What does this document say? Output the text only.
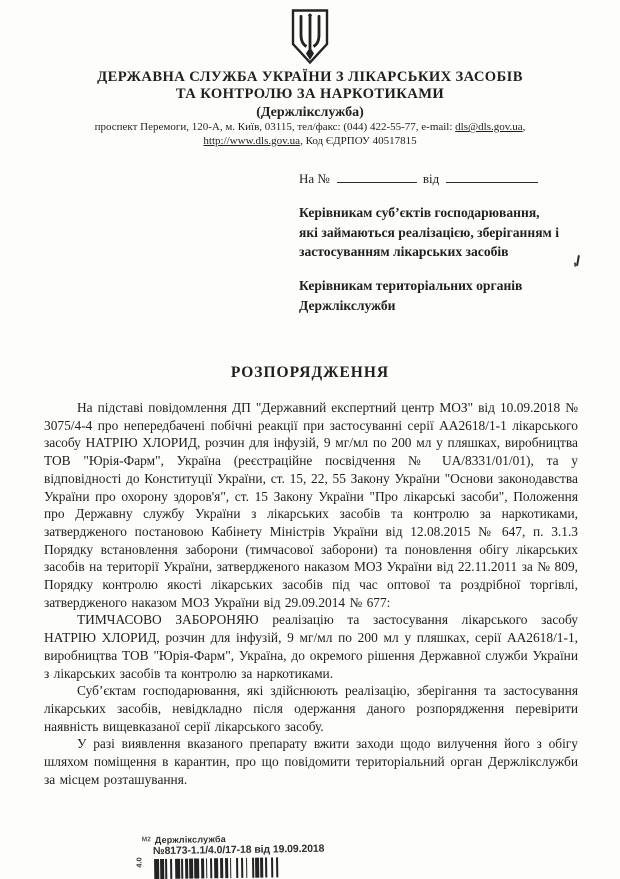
ДЕРЖАВНА СЛУЖБА УКРАЇНИ З ЛІКАРСЬКИХ ЗАСОБІВ
ТА КОНТРОЛЮ ЗА НАРКОТИКАМИ
(Держлікслужба)
проспект Перемоги, 120-А, м. Київ, 03115, тел/факс: (044) 422-55-77, e-mail: dls@dls.gov.ua,
http://www.dls.gov.ua, Код ЄДРПОУ 40517815
На №	від
Керівникам суб’єктів господарювання,
які займаються реалізацією, зберіганням і
застосуванням лікарських засобів
Керівникам територіальних органів
Держлікслужби
РОЗПОРЯДЖЕННЯ

На підставі повідомлення ДП "Державний експертний центр МОЗ" від 10.09.2018 № 3075/4-4 про непередбачені побічні реакції при застосуванні серії АА2618/1-1 лікарського засобу НАТРІЮ ХЛОРИД, розчин для інфузій, 9 мг/мл по 200 мл у пляшках, виробництва ТОВ "Юрія-Фарм", Україна (реєстраційне посвідчення № UA/8331/01/01), та у відповідності до Конституції України, ст. 15, 22, 55 Закону України "Основи законодавства України про охорону здоров'я", ст. 15 Закону України "Про лікарські засоби", Положення про Державну службу України з лікарських засобів та контролю за наркотиками, затвердженого постановою Кабінету Міністрів України від 12.08.2015 № 647, п. 3.1.3 Порядку встановлення заборони (тимчасової заборони) та поновлення обігу лікарських засобів на території України, затвердженого наказом МОЗ України від 22.11.2011 за № 809, Порядку контролю якості лікарських засобів під час оптової та роздрібної торгівлі, затвердженого наказом МОЗ України від 29.09.2014 № 677:

ТИМЧАСОВО ЗАБОРОНЯЮ реалізацію та застосування лікарського засобу НАТРІЮ ХЛОРИД, розчин для інфузій, 9 мг/мл по 200 мл у пляшках, серії АА2618/1-1, виробництва ТОВ "Юрія-Фарм", Україна, до окремого рішення Державної служби України з лікарських засобів та контролю за наркотиками.

Суб’єктам господарювання, які здійснюють реалізацію, зберігання та застосування лікарських засобів, невідкладно після одержання даного розпорядження перевірити наявність вищевказаної серії лікарського засобу.

У разі виявлення вказаного препарату вжити заходи щодо вилучення його з обігу шляхом поміщення в карантин, про що повідомити територіальний орган Держлікслужби за місцем розташування.

М2 Держлікслужба
№8173-1.1/4.0/17-18 від 19.09.2018
4.0
